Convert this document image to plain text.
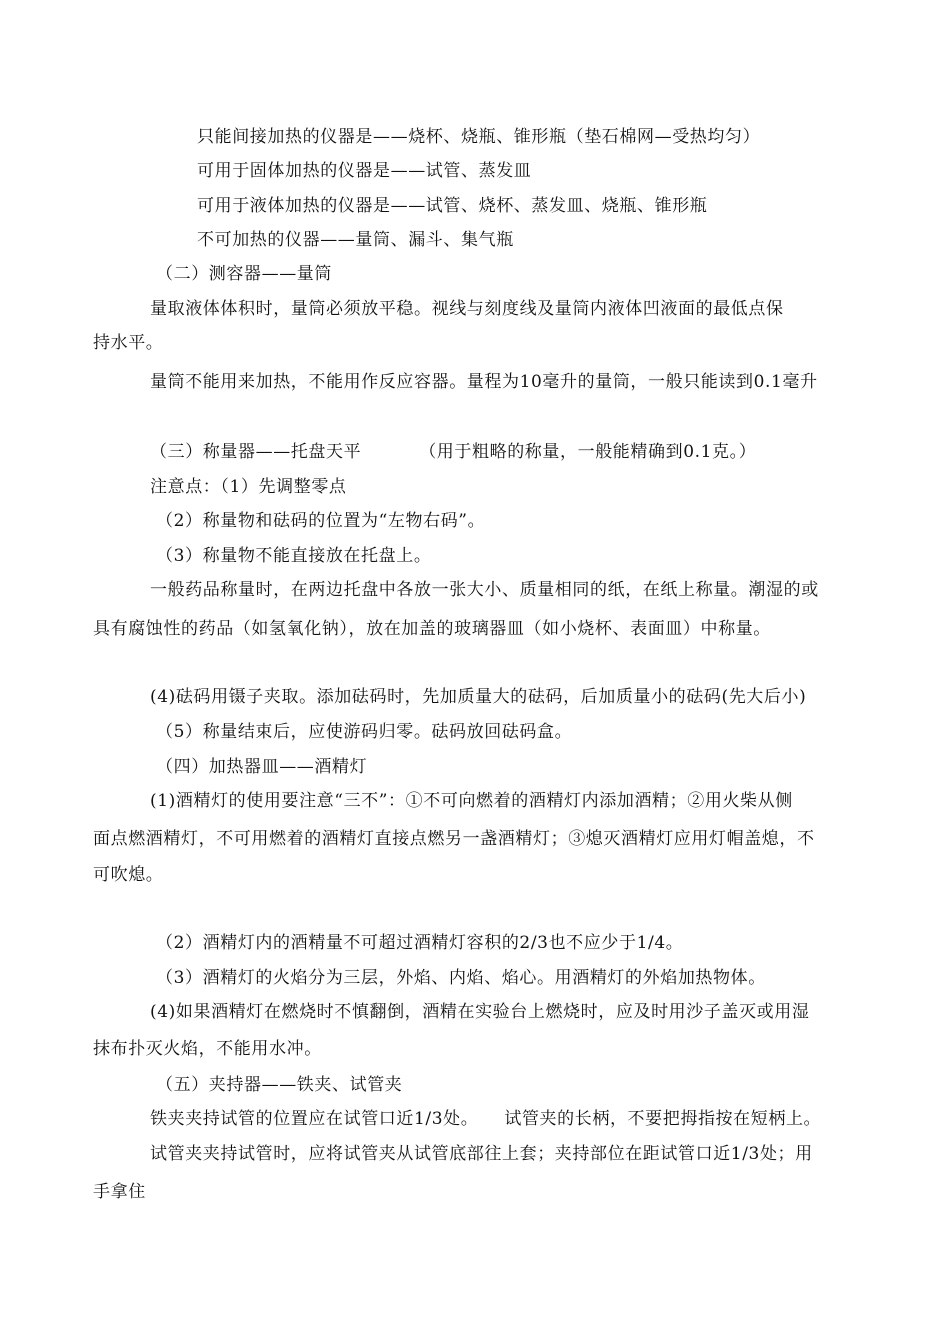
只能间接加热的仪器是——烧杯、烧瓶、锥形瓶（垫石棉网—受热均匀）
可用于固体加热的仪器是——试管、蒸发皿
可用于液体加热的仪器是——试管、烧杯、蒸发皿、烧瓶、锥形瓶
不可加热的仪器——量筒、漏斗、集气瓶
（二）测容器——量筒
量取液体体积时，量筒必须放平稳。视线与刻度线及量筒内液体凹液面的最低点保
持水平。
量筒不能用来加热，不能用作反应容器。量程为10毫升的量筒，一般只能读到0.1毫升
（三）称量器——托盘天平	（用于粗略的称量，一般能精确到0.1克。）
注意点：（1）先调整零点
（2）称量物和砝码的位置为“左物右码”。
（3）称量物不能直接放在托盘上。
一般药品称量时，在两边托盘中各放一张大小、质量相同的纸，在纸上称量。潮湿的或
具有腐蚀性的药品（如氢氧化钠），放在加盖的玻璃器皿（如小烧杯、表面皿）中称量。
(4)砝码用镊子夹取。添加砝码时，先加质量大的砝码，后加质量小的砝码(先大后小)
（5）称量结束后，应使游码归零。砝码放回砝码盒。
（四）加热器皿——酒精灯
(1)酒精灯的使用要注意“三不”：①不可向燃着的酒精灯内添加酒精；②用火柴从侧
面点燃酒精灯，不可用燃着的酒精灯直接点燃另一盏酒精灯；③熄灭酒精灯应用灯帽盖熄，不
可吹熄。
（2）酒精灯内的酒精量不可超过酒精灯容积的2/3也不应少于1/4。
（3）酒精灯的火焰分为三层，外焰、内焰、焰心。用酒精灯的外焰加热物体。
(4)如果酒精灯在燃烧时不慎翻倒，酒精在实验台上燃烧时，应及时用沙子盖灭或用湿
抹布扑灭火焰，不能用水冲。
（五）夹持器——铁夹、试管夹
铁夹夹持试管的位置应在试管口近1/3处。 试管夹的长柄，不要把拇指按在短柄上。
试管夹夹持试管时，应将试管夹从试管底部往上套；夹持部位在距试管口近1/3处；用
手拿住
